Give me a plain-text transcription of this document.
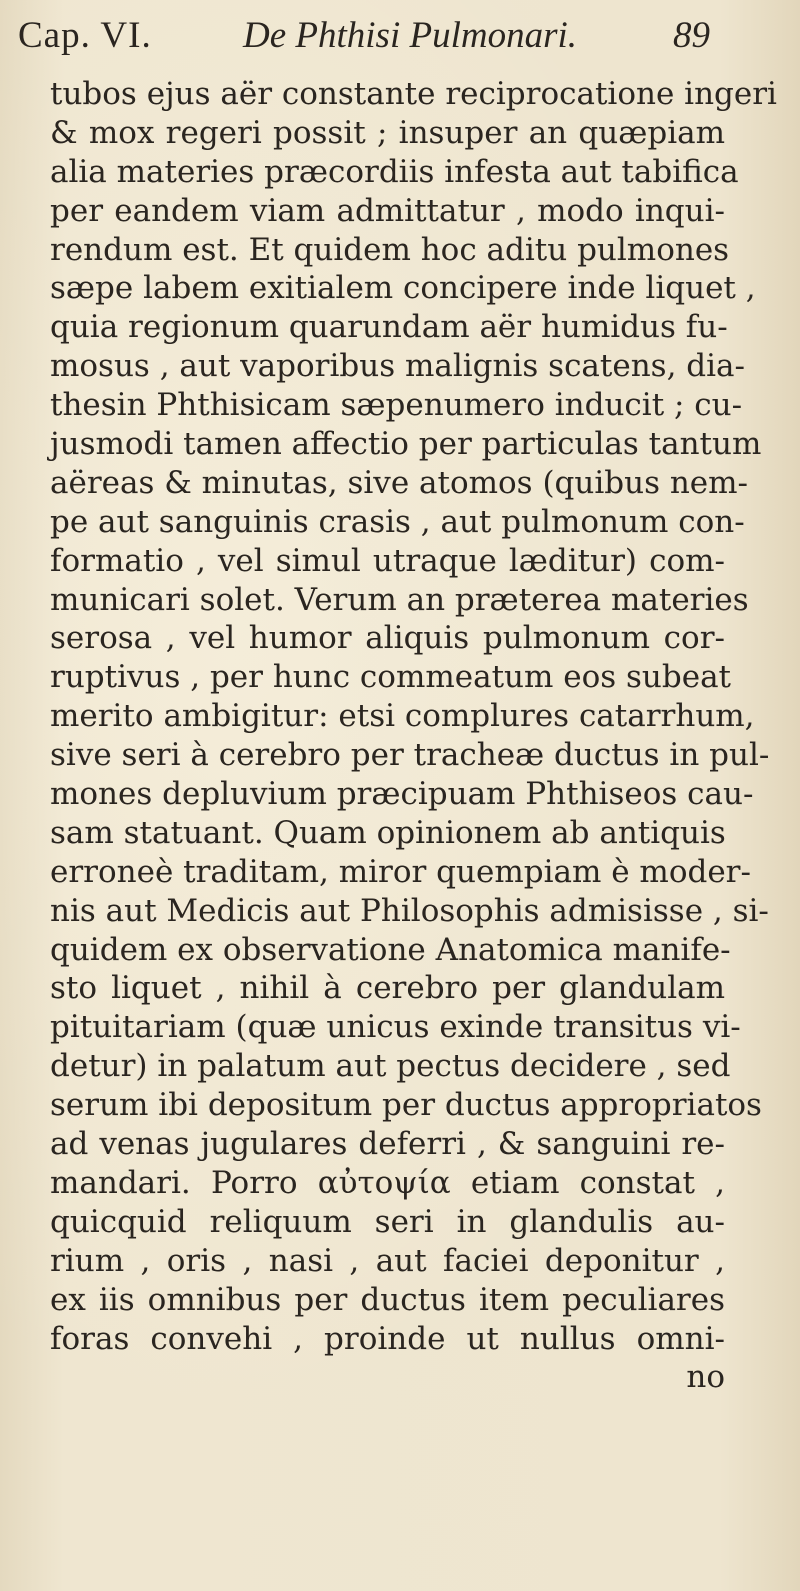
Cap. VI. De Phthisi Pulmonari.	89
tubos ejus aër constante reciprocatione ingeri
& mox regeri possit ; insuper an quæpiam
alia materies præcordiis infesta aut tabifica
per eandem viam admittatur , modo inqui-
rendum est. Et quidem hoc aditu pulmones
sæpe labem exitialem concipere inde liquet ,
quia regionum quarundam aër humidus fu-
mosus , aut vaporibus malignis scatens, dia-
thesin Phthisicam sæpenumero inducit ; cu-
jusmodi tamen affectio per particulas tantum
aëreas & minutas, sive atomos (quibus nem-
pe aut sanguinis crasis , aut pulmonum con-
formatio , vel simul utraque læditur) com-
municari solet. Verum an præterea materies
serosa , vel humor aliquis pulmonum cor-
ruptivus , per hunc commeatum eos subeat
merito ambigitur: etsi complures catarrhum,
sive seri à cerebro per tracheæ ductus in pul-
mones depluvium præcipuam Phthiseos cau-
sam statuant. Quam opinionem ab antiquis
erroneè traditam, miror quempiam è moder-
nis aut Medicis aut Philosophis admisisse , si-
quidem ex observatione Anatomica manife-
sto liquet , nihil à cerebro per glandulam
pituitariam (quæ unicus exinde transitus vi-
detur) in palatum aut pectus decidere , sed
serum ibi depositum per ductus appropriatos
ad venas jugulares deferri , & sanguini re-
mandari. Porro αὐτοψία etiam constat ,
quicquid reliquum seri in glandulis au-
rium , oris , nasi , aut faciei deponitur ,
ex iis omnibus per ductus item peculiares
foras convehi , proinde ut nullus omni-
no
